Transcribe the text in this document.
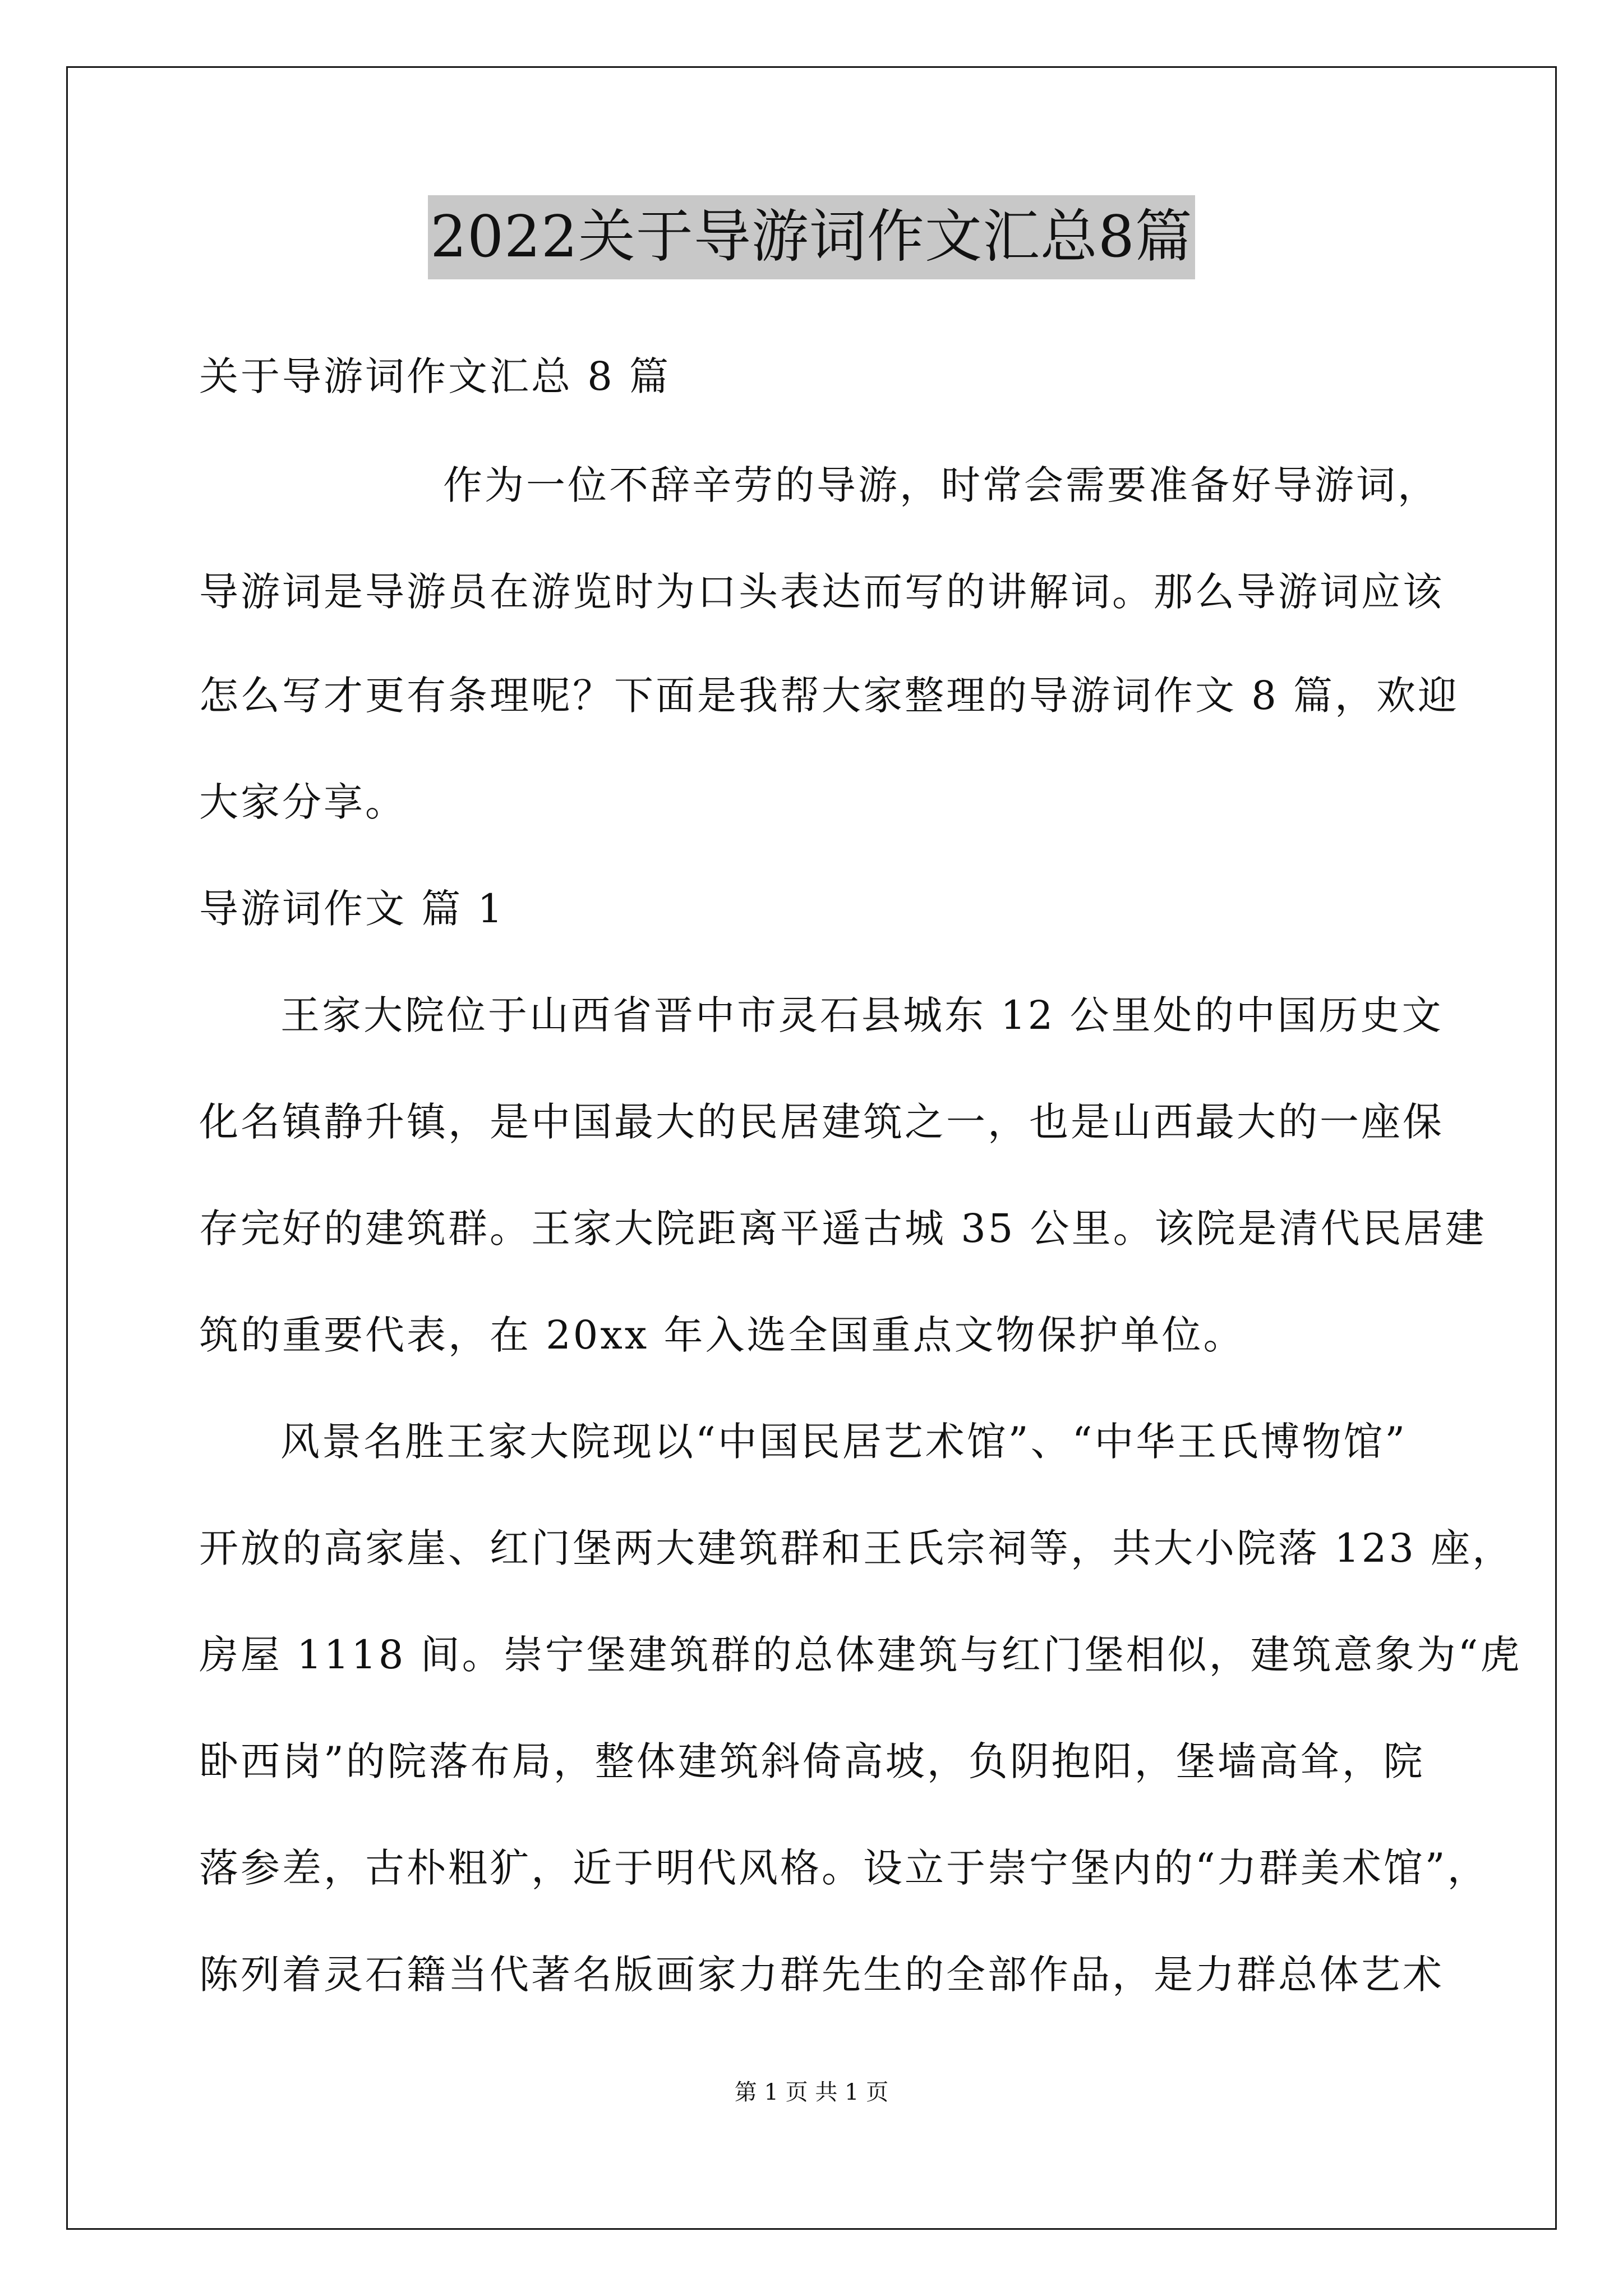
2022关于导游词作文汇总8篇
关于导游词作文汇总 8 篇
作为一位不辞辛劳的导游，时常会需要准备好导游词，
导游词是导游员在游览时为口头表达而写的讲解词。那么导游词应该
怎么写才更有条理呢？下面是我帮大家整理的导游词作文 8 篇，欢迎
大家分享。
导游词作文 篇 1
王家大院位于山西省晋中市灵石县城东 12 公里处的中国历史文
化名镇静升镇，是中国最大的民居建筑之一，也是山西最大的一座保
存完好的建筑群。王家大院距离平遥古城 35 公里。该院是清代民居建
筑的重要代表，在 20xx 年入选全国重点文物保护单位。
风景名胜王家大院现以“中国民居艺术馆”、“中华王氏博物馆”
开放的高家崖、红门堡两大建筑群和王氏宗祠等，共大小院落 123 座，
房屋 1118 间。崇宁堡建筑群的总体建筑与红门堡相似，建筑意象为“虎
卧西岗”的院落布局，整体建筑斜倚高坡，负阴抱阳，堡墙高耸，院
落参差，古朴粗犷，近于明代风格。设立于崇宁堡内的“力群美术馆”，
陈列着灵石籍当代著名版画家力群先生的全部作品，是力群总体艺术
第 1 页 共 1 页
